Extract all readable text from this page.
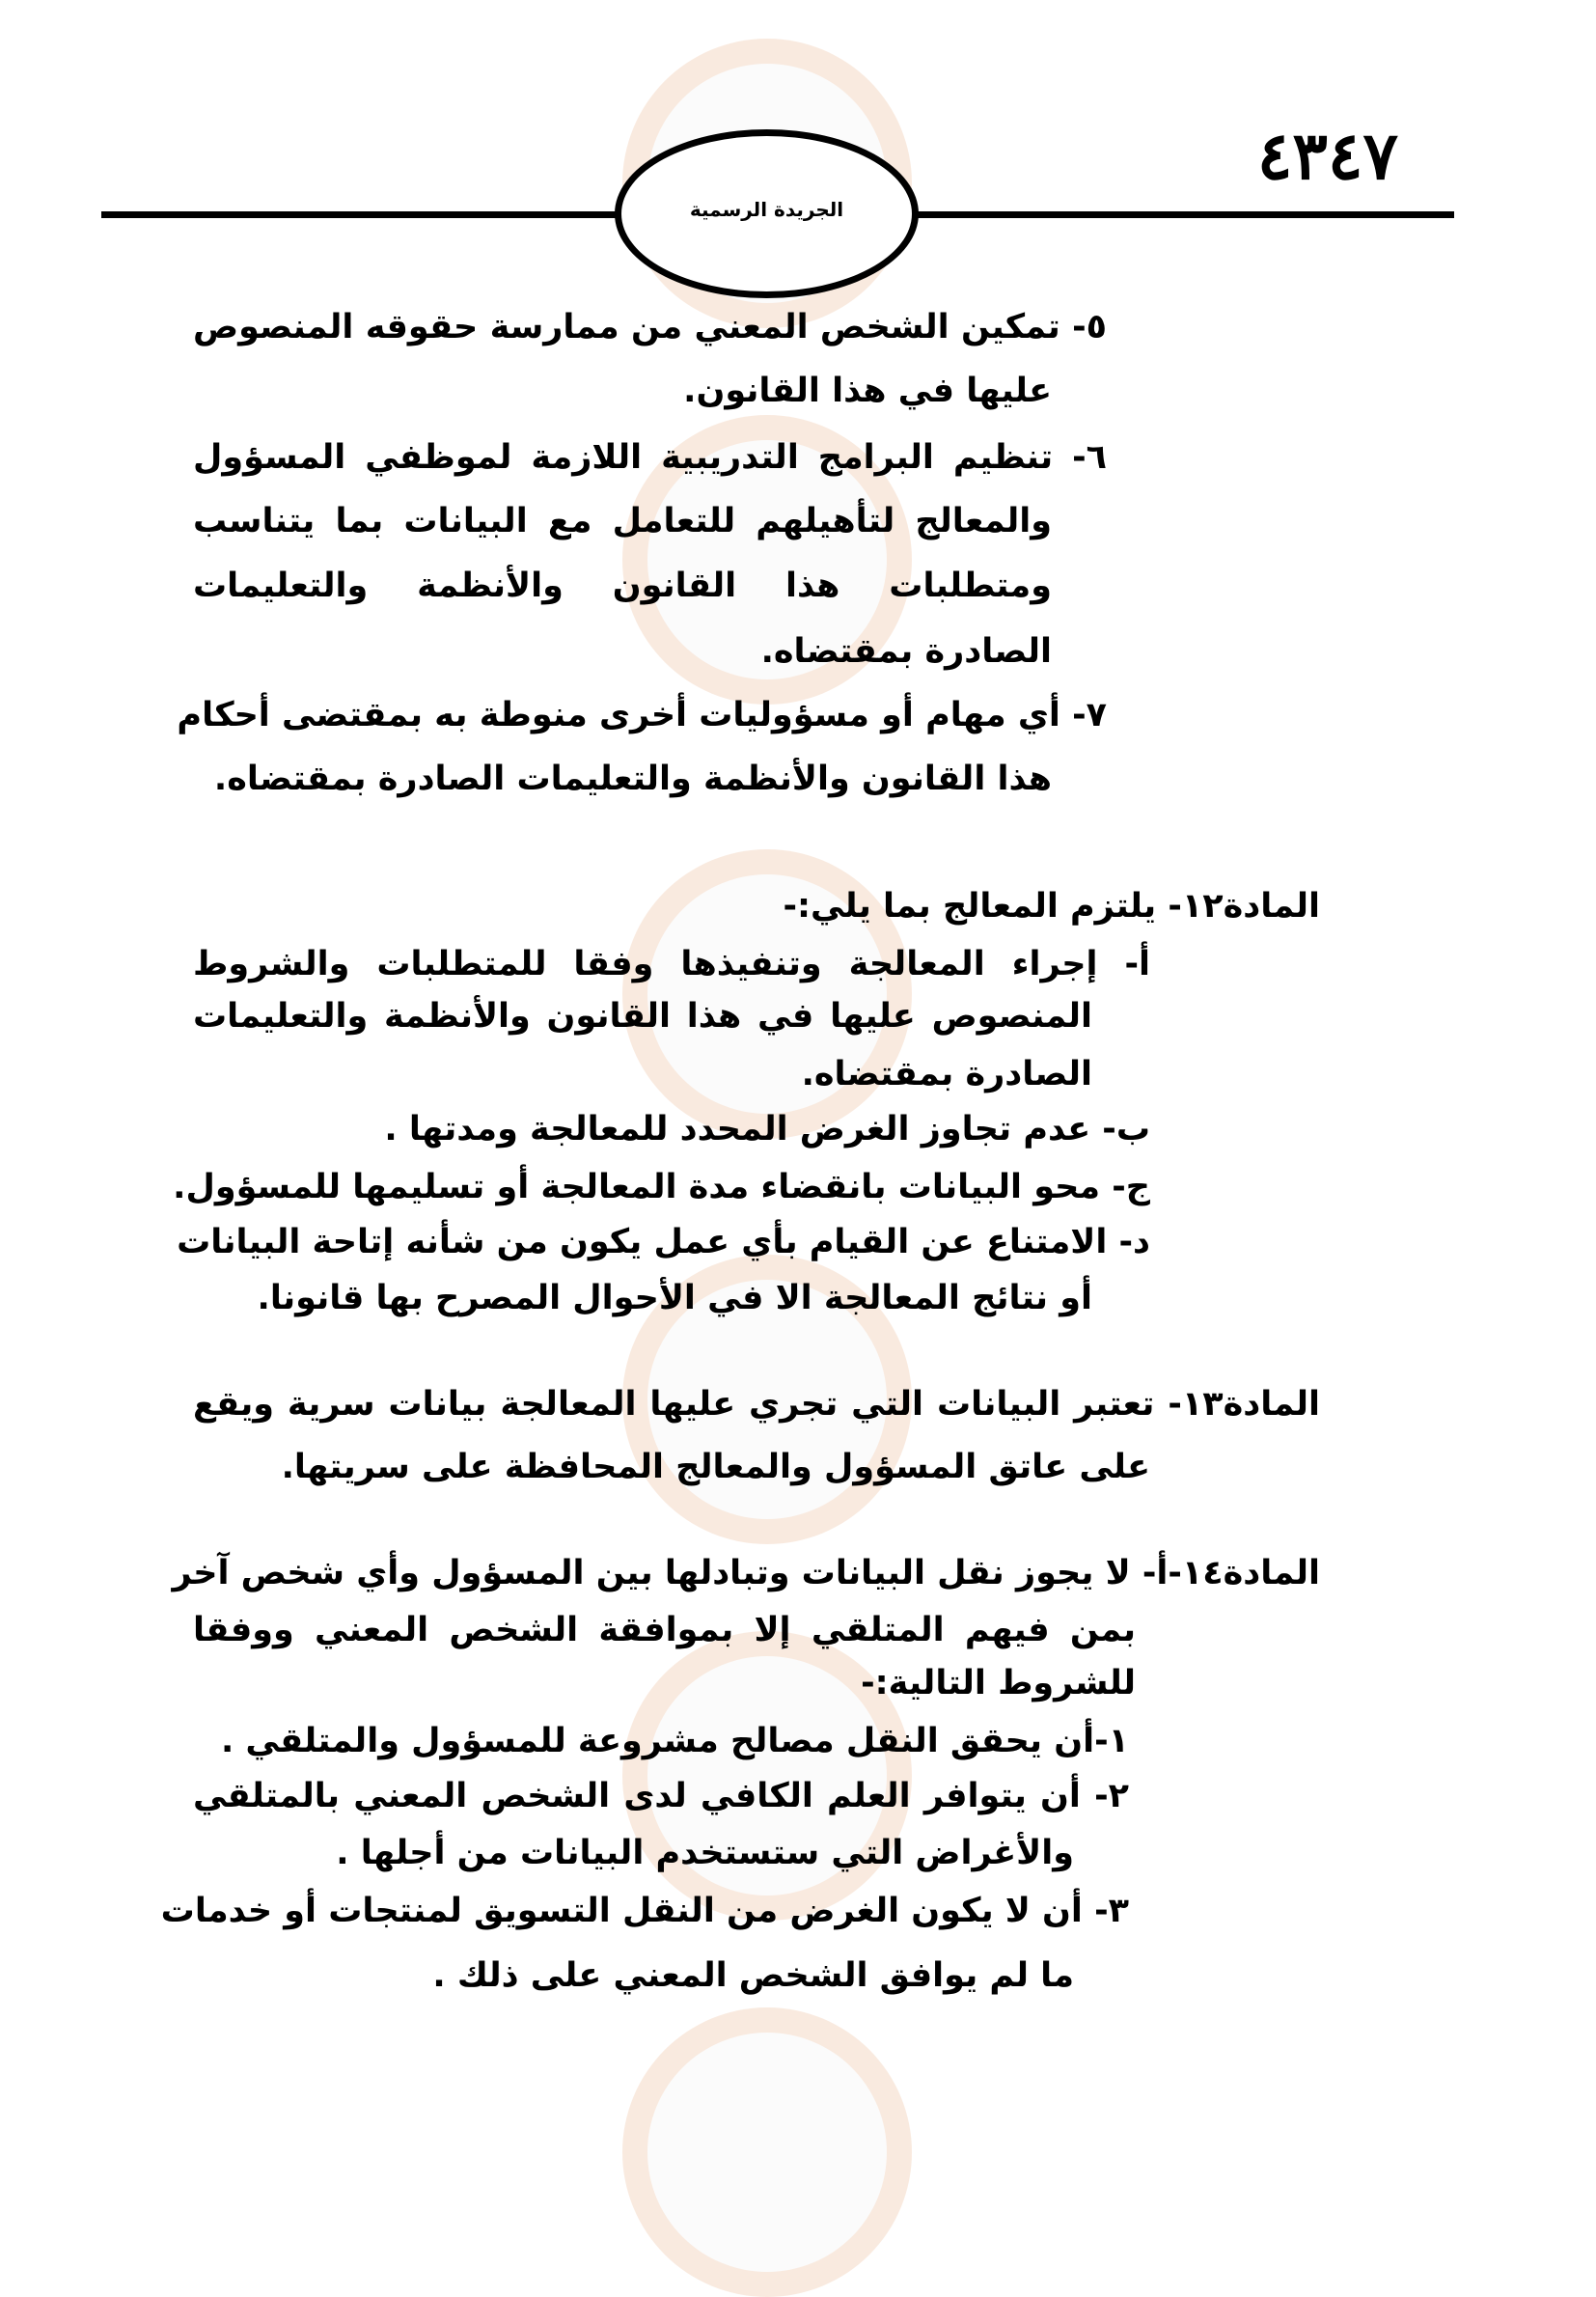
٤٣٤٧
الجريدة الرسمية
٥- تمكين الشخص المعني من ممارسة حقوقه المنصوص
عليها في هذا القانون.
٦- تنظيم البرامج التدريبية اللازمة لموظفي المسؤول
والمعالج لتأهيلهم للتعامل مع البيانات بما يتناسب
ومتطلبات هذا القانون والأنظمة والتعليمات
الصادرة بمقتضاه.
٧- أي مهام أو مسؤوليات أخرى منوطة به بمقتضى أحكام
هذا القانون والأنظمة والتعليمات الصادرة بمقتضاه.
المادة١٢- يلتزم المعالج بما يلي:-
أ- إجراء المعالجة وتنفيذها وفقا للمتطلبات والشروط
المنصوص عليها في هذا القانون والأنظمة والتعليمات
الصادرة بمقتضاه.
ب- عدم تجاوز الغرض المحدد للمعالجة ومدتها .
ج- محو البيانات بانقضاء مدة المعالجة أو تسليمها للمسؤول.
د- الامتناع عن القيام بأي عمل يكون من شأنه إتاحة البيانات
أو نتائج المعالجة الا في الأحوال المصرح بها قانونا.
المادة١٣- تعتبر البيانات التي تجري عليها المعالجة بيانات سرية ويقع
على عاتق المسؤول والمعالج المحافظة على سريتها.
المادة١٤-أ- لا يجوز نقل البيانات وتبادلها بين المسؤول وأي شخص آخر
بمن فيهم المتلقي إلا بموافقة الشخص المعني ووفقا
للشروط التالية:-
١-أن يحقق النقل مصالح مشروعة للمسؤول والمتلقي .
٢- أن يتوافر العلم الكافي لدى الشخص المعني بالمتلقي
والأغراض التي ستستخدم البيانات من أجلها .
٣- أن لا يكون الغرض من النقل التسويق لمنتجات أو خدمات
ما لم يوافق الشخص المعني على ذلك .
